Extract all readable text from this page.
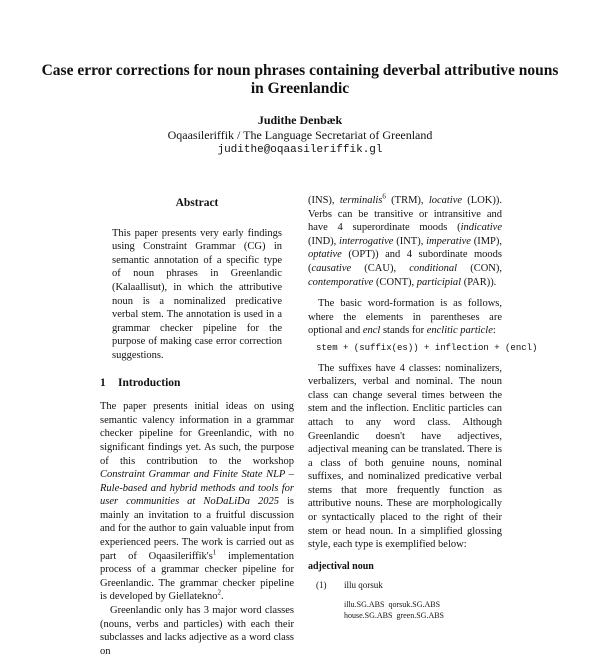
Case error corrections for noun phrases containing deverbal attributive nouns in Greenlandic
Judithe Denbæk
Oqaasileriffik / The Language Secretariat of Greenland
judithe@oqaasileriffik.gl
Abstract

This paper presents very early findings using Constraint Grammar (CG) in semantic annotation of a specific type of noun phrases in Greenlandic (Kalaallisut), in which the attributive noun is a nominalized predicative verbal stem. The annotation is used in a grammar checker pipeline for the purpose of making case error correction suggestions.

1 Introduction

The paper presents initial ideas on using semantic valency information in a grammar checker pipeline for Greenlandic, with no significant findings yet. As such, the purpose of this contribution to the workshop Constraint Grammar and Finite State NLP – Rule-based and hybrid methods and tools for user communities at NoDaLiDa 2025 is mainly an invitation to a fruitful discussion and for the author to gain valuable input from experienced peers. The work is carried out as part of $Oqaasileriffik's^1$ implementation process of a grammar checker pipeline for Greenlandic. The grammar checker pipeline is developed by Giellatekno$^2$.

Greenlandic only has 3 major word classes (nouns, verbs and particles) with each their subclasses and lacks adjective as a word class on

(INS), terminalis$^6$ (TRM), locative (LOK)). Verbs can be transitive or intransitive and have 4 superordinate moods (indicative (IND), interrogative (INT), imperative (IMP), optative (OPT)) and 4 subordinate moods (causative (CAU), conditional (CON), contemporative (CONT), participial (PAR)).

The basic word-formation is as follows, where the elements in parentheses are optional and encl stands for enclitic particle:

stem + (suffix(es)) + inflection + (encl)

The suffixes have 4 classes: nominalizers, verbalizers, verbal and nominal. The noun class can change several times between the stem and the inflection. Enclitic particles can attach to any word class. Although Greenlandic doesn't have adjectives, adjectival meaning can be translated. There is a class of both genuine nouns, nominal suffixes, and nominalized predicative verbal stems that more frequently function as attributive nouns. These are morphologically or syntactically placed to the right of their stem or head noun. In a simplified glossing style, each type is exemplified below:

adjectival noun
(1)	illu qorsuk
illu.SG.ABS qorsuk.SG.ABS
house.SG.ABS green.SG.ABS
